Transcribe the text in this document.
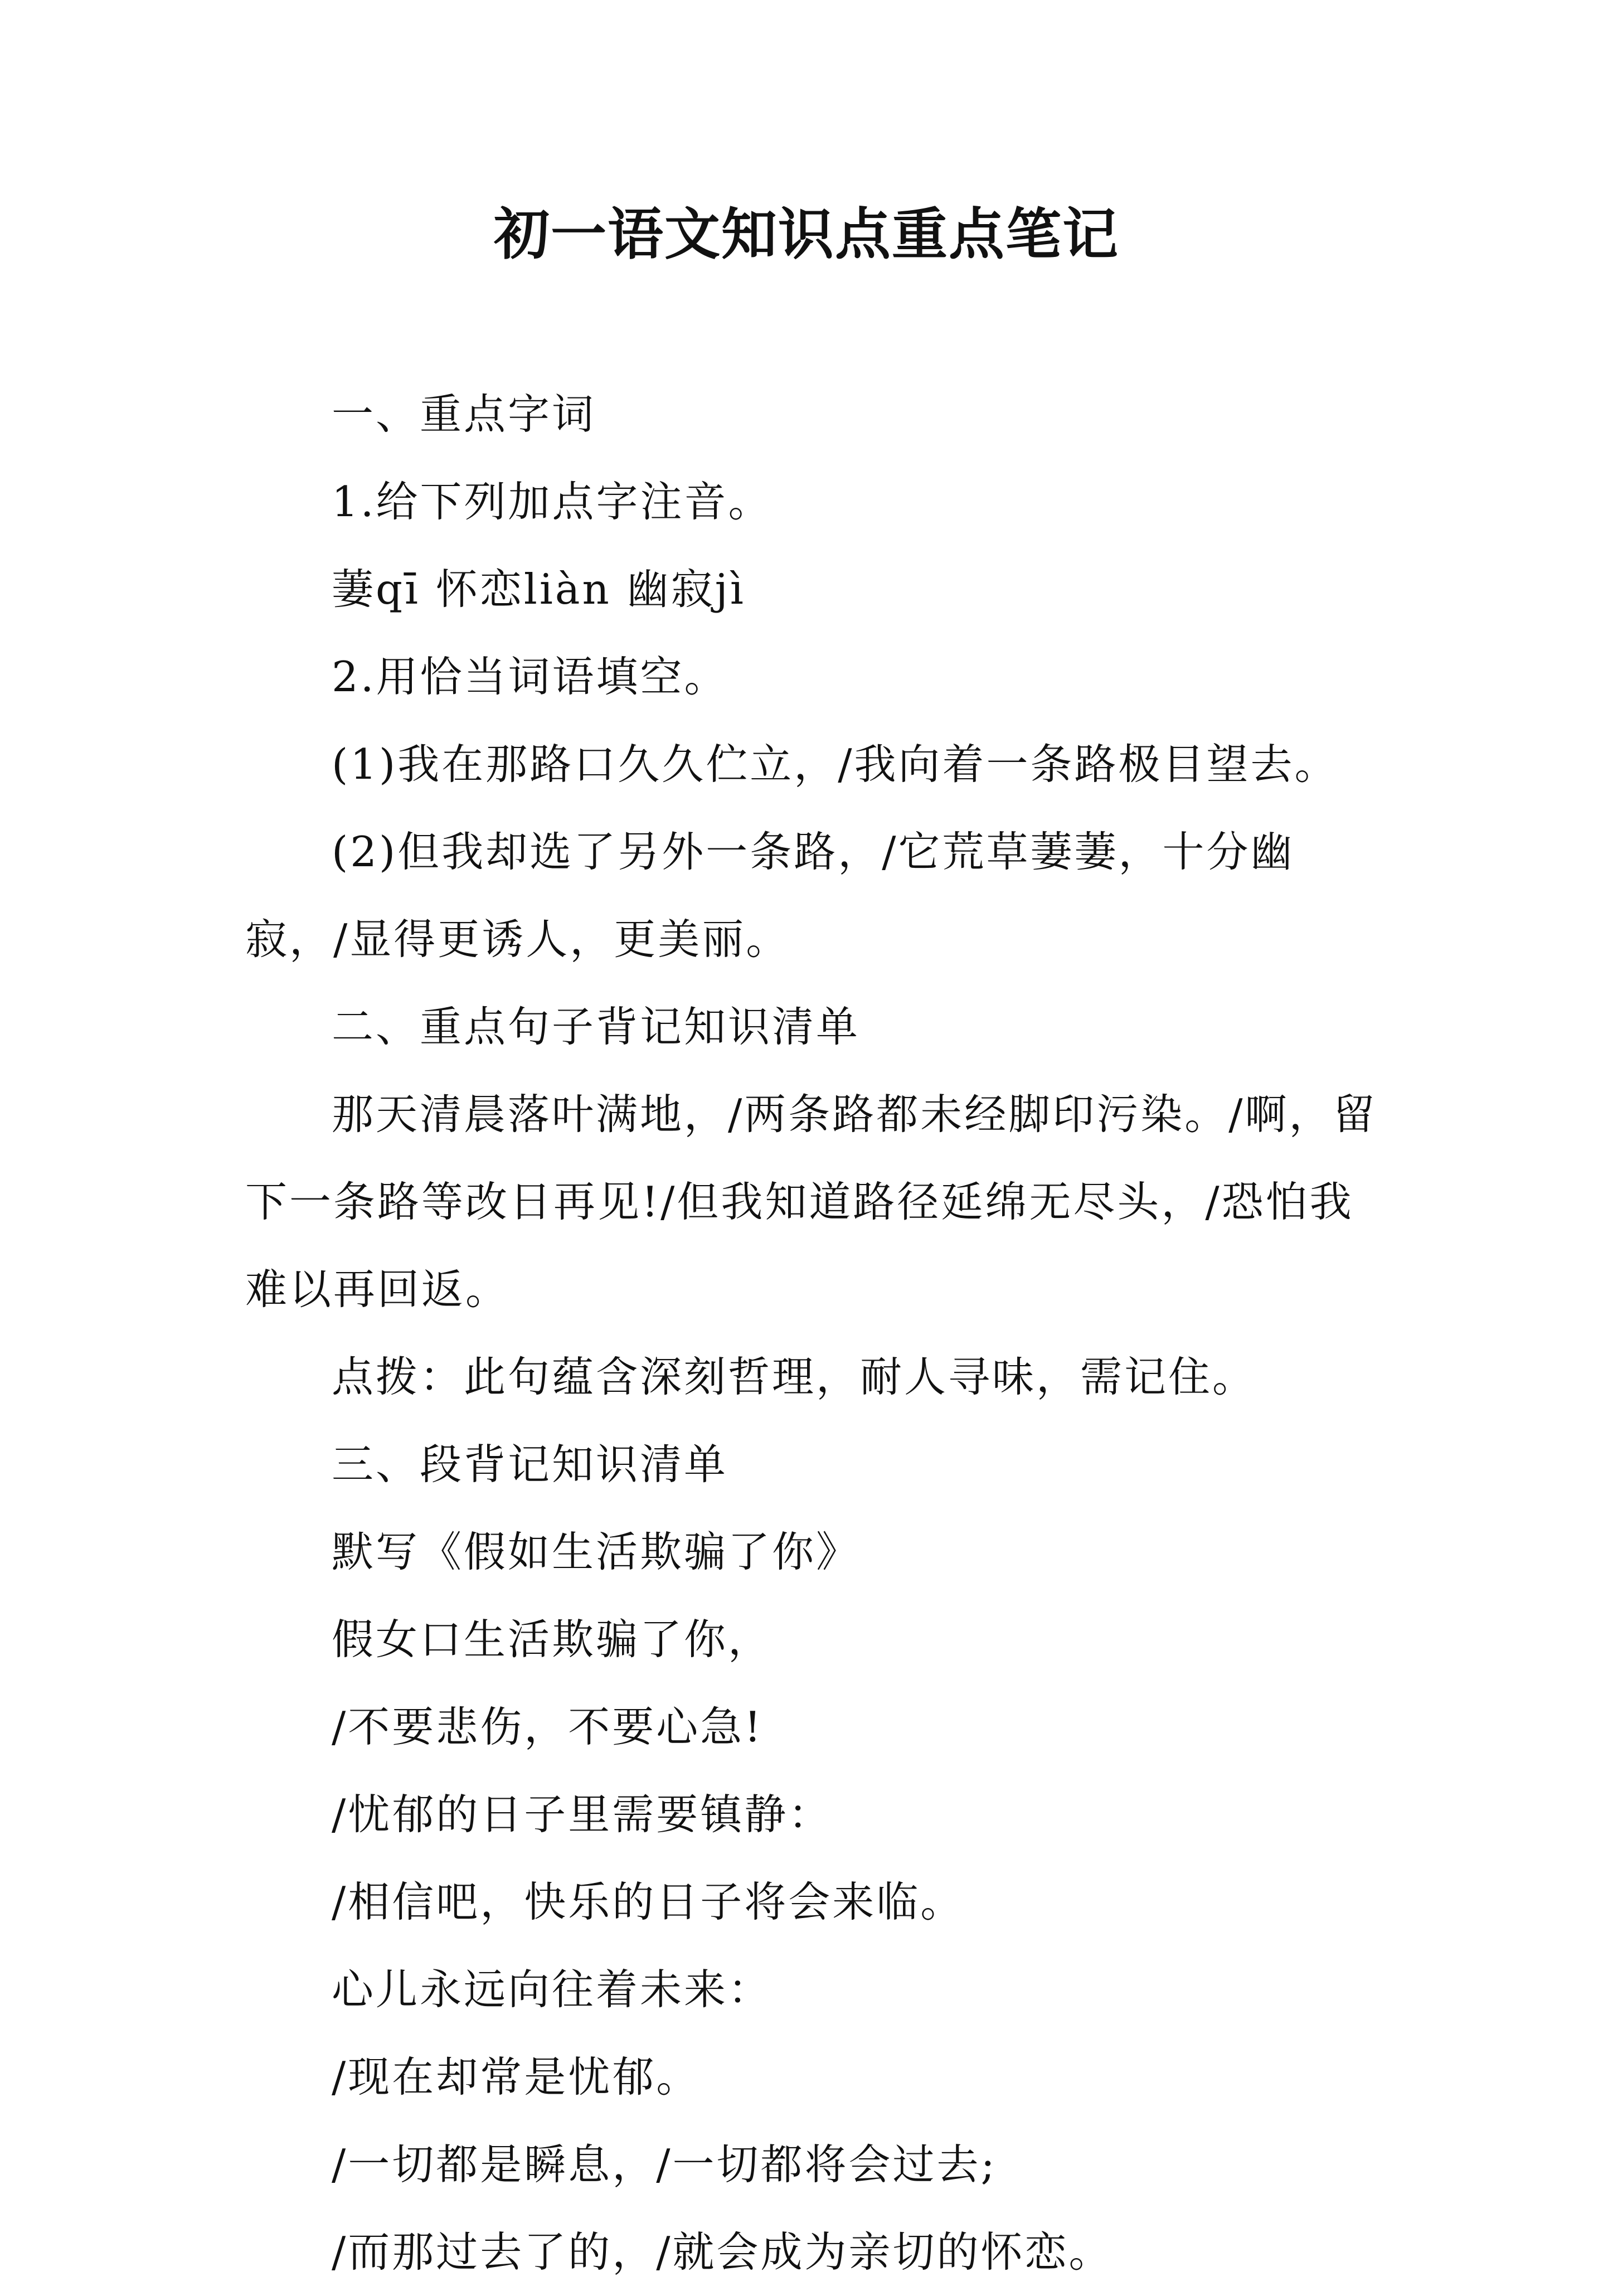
初一语文知识点重点笔记

一、重点字词

1.给下列加点字注音。

萋qī 怀恋liàn 幽寂jì

2.用恰当词语填空。

(1)我在那路口久久伫立，/我向着一条路极目望去。

(2)但我却选了另外一条路，/它荒草萋萋，十分幽寂，/显得更诱人，更美丽。

二、重点句子背记知识清单

那天清晨落叶满地，/两条路都未经脚印污染。/啊，留下一条路等改日再见!/但我知道路径延绵无尽头，/恐怕我难以再回返。

点拨：此句蕴含深刻哲理，耐人寻味，需记住。

三、段背记知识清单

默写《假如生活欺骗了你》

假女口生活欺骗了你，

/不要悲伤，不要心急!

/忧郁的日子里需要镇静：

/相信吧，快乐的日子将会来临。

心儿永远向往着未来：

/现在却常是忧郁。

/一切都是瞬息，/一切都将会过去;

/而那过去了的，/就会成为亲切的怀恋。
